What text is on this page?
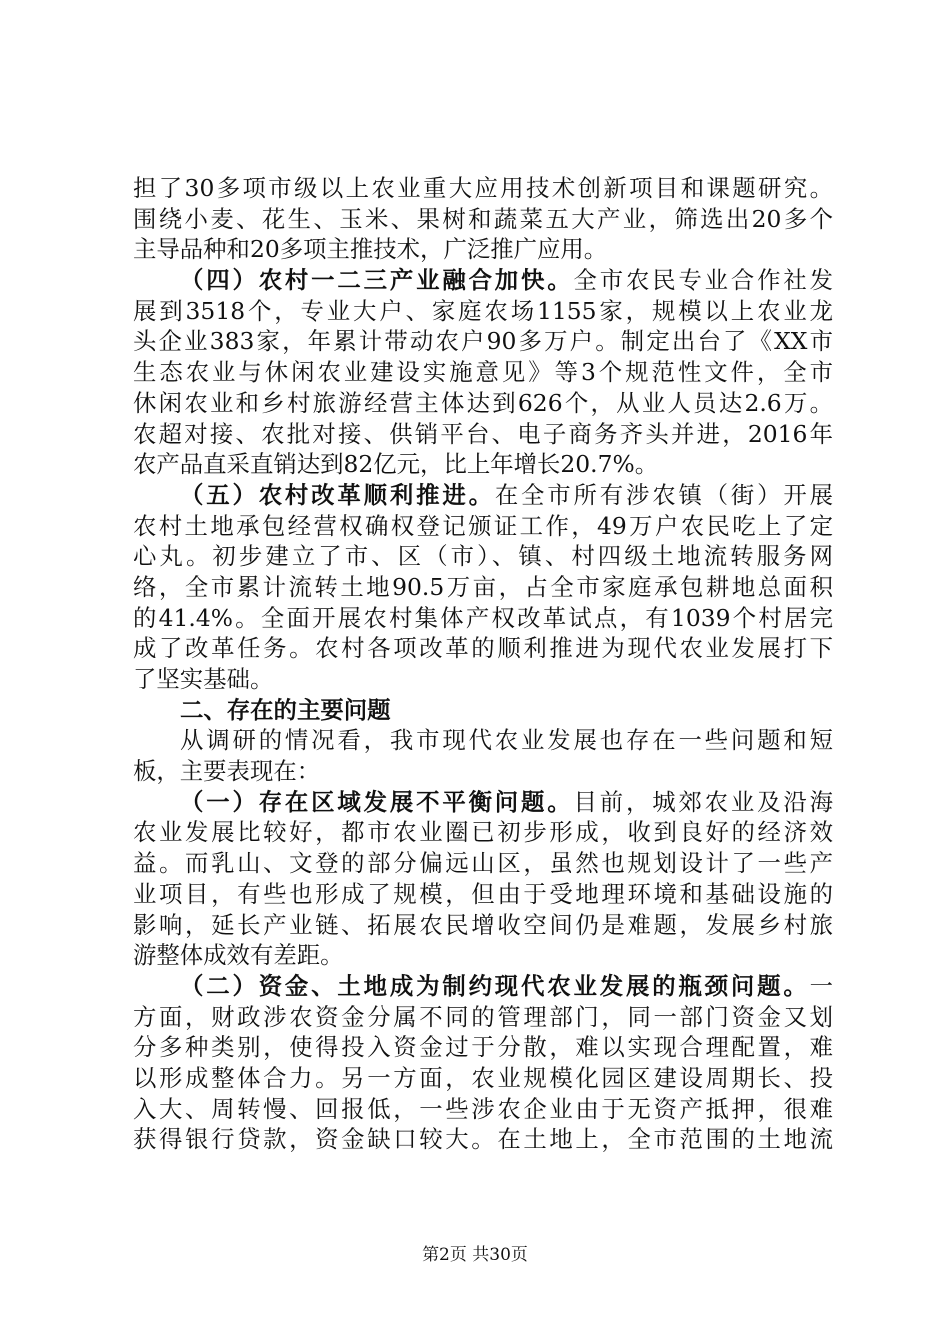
担了30多项市级以上农业重大应用技术创新项目和课题研究。
围绕小麦、花生、玉米、果树和蔬菜五大产业，筛选出20多个
主导品种和20多项主推技术，广泛推广应用。
（四）农村一二三产业融合加快。全市农民专业合作社发
展到3518个，专业大户、家庭农场1155家，规模以上农业龙
头企业383家，年累计带动农户90多万户。制定出台了《XX市
生态农业与休闲农业建设实施意见》等3个规范性文件，全市
休闲农业和乡村旅游经营主体达到626个，从业人员达2.6万。
农超对接、农批对接、供销平台、电子商务齐头并进，2016年
农产品直采直销达到82亿元，比上年增长20.7%。
（五）农村改革顺利推进。在全市所有涉农镇（街）开展
农村土地承包经营权确权登记颁证工作，49万户农民吃上了定
心丸。初步建立了市、区（市）、镇、村四级土地流转服务网
络，全市累计流转土地90.5万亩，占全市家庭承包耕地总面积
的41.4%。全面开展农村集体产权改革试点，有1039个村居完
成了改革任务。农村各项改革的顺利推进为现代农业发展打下
了坚实基础。
二、存在的主要问题
从调研的情况看，我市现代农业发展也存在一些问题和短
板，主要表现在：
（一）存在区域发展不平衡问题。目前，城郊农业及沿海
农业发展比较好，都市农业圈已初步形成，收到良好的经济效
益。而乳山、文登的部分偏远山区，虽然也规划设计了一些产
业项目，有些也形成了规模，但由于受地理环境和基础设施的
影响，延长产业链、拓展农民增收空间仍是难题，发展乡村旅
游整体成效有差距。
（二）资金、土地成为制约现代农业发展的瓶颈问题。一
方面，财政涉农资金分属不同的管理部门，同一部门资金又划
分多种类别，使得投入资金过于分散，难以实现合理配置，难
以形成整体合力。另一方面，农业规模化园区建设周期长、投
入大、周转慢、回报低，一些涉农企业由于无资产抵押，很难
获得银行贷款，资金缺口较大。在土地上，全市范围的土地流
第2页 共30页
